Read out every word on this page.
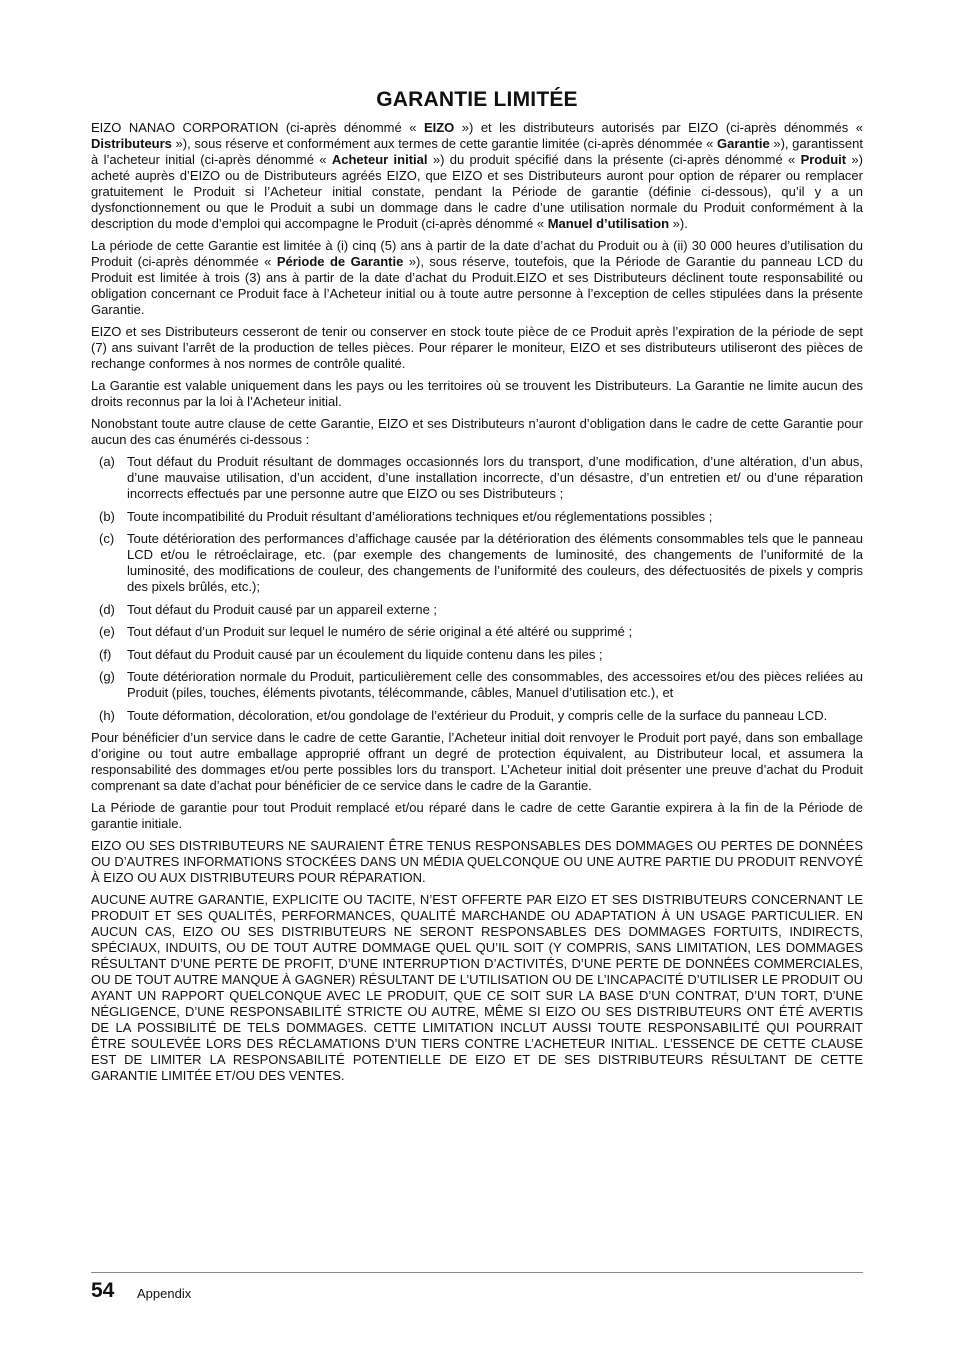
GARANTIE LIMITÉE

EIZO NANAO CORPORATION (ci-après dénommé « EIZO ») et les distributeurs autorisés par EIZO (ci-après dénommés « Distributeurs »), sous réserve et conformément aux termes de cette garantie limitée (ci-après dénommée « Garantie »), garantissent à l’acheteur initial (ci-après dénommé « Acheteur initial ») du produit spécifié dans la présente (ci-après dénommé « Produit ») acheté auprès d’EIZO ou de Distributeurs agréés EIZO, que EIZO et ses Distributeurs auront pour option de réparer ou remplacer gratuitement le Produit si l’Acheteur initial constate, pendant la Période de garantie (définie ci-dessous), qu’il y a un dysfonctionnement ou que le Produit a subi un dommage dans le cadre d’une utilisation normale du Produit conformément à la description du mode d’emploi qui accompagne le Produit (ci-après dénommé « Manuel d’utilisation »).

La période de cette Garantie est limitée à (i) cinq (5) ans à partir de la date d’achat du Produit ou à (ii) 30 000 heures d’utilisation du Produit (ci-après dénommée « Période de Garantie »), sous réserve, toutefois, que la Période de Garantie du panneau LCD du Produit est limitée à trois (3) ans à partir de la date d’achat du Produit.EIZO et ses Distributeurs déclinent toute responsabilité ou obligation concernant ce Produit face à l’Acheteur initial ou à toute autre personne à l’exception de celles stipulées dans la présente Garantie.

EIZO et ses Distributeurs cesseront de tenir ou conserver en stock toute pièce de ce Produit après l’expiration de la période de sept (7) ans suivant l’arrêt de la production de telles pièces. Pour réparer le moniteur, EIZO et ses distributeurs utiliseront des pièces de rechange conformes à nos normes de contrôle qualité.

La Garantie est valable uniquement dans les pays ou les territoires où se trouvent les Distributeurs. La Garantie ne limite aucun des droits reconnus par la loi à l’Acheteur initial.

Nonobstant toute autre clause de cette Garantie, EIZO et ses Distributeurs n’auront d’obligation dans le cadre de cette Garantie pour aucun des cas énumérés ci-dessous :

(a) Tout défaut du Produit résultant de dommages occasionnés lors du transport, d’une modification, d’une altération, d’un abus, d’une mauvaise utilisation, d’un accident, d’une installation incorrecte, d’un désastre, d’un entretien et/ ou d’une réparation incorrects effectués par une personne autre que EIZO ou ses Distributeurs ;
(b) Toute incompatibilité du Produit résultant d’améliorations techniques et/ou réglementations possibles ;
(c) Toute détérioration des performances d’affichage causée par la détérioration des éléments consommables tels que le panneau LCD et/ou le rétroéclairage, etc. (par exemple des changements de luminosité, des changements de l’uniformité de la luminosité, des modifications de couleur, des changements de l’uniformité des couleurs, des défectuosités de pixels y compris des pixels brûlés, etc.);
(d) Tout défaut du Produit causé par un appareil externe ;
(e) Tout défaut d’un Produit sur lequel le numéro de série original a été altéré ou supprimé ;
(f)	Tout défaut du Produit causé par un écoulement du liquide contenu dans les piles ;
(g) Toute détérioration normale du Produit, particulièrement celle des consommables, des accessoires et/ou des pièces reliées au Produit (piles, touches, éléments pivotants, télécommande, câbles, Manuel d’utilisation etc.), et
(h) Toute déformation, décoloration, et/ou gondolage de l’extérieur du Produit, y compris celle de la surface du panneau LCD.

Pour bénéficier d’un service dans le cadre de cette Garantie, l’Acheteur initial doit renvoyer le Produit port payé, dans son emballage d’origine ou tout autre emballage approprié offrant un degré de protection équivalent, au Distributeur local, et assumera la responsabilité des dommages et/ou perte possibles lors du transport. L’Acheteur initial doit présenter une preuve d’achat du Produit comprenant sa date d’achat pour bénéficier de ce service dans le cadre de la Garantie.

La Période de garantie pour tout Produit remplacé et/ou réparé dans le cadre de cette Garantie expirera à la fin de la Période de garantie initiale.

EIZO OU SES DISTRIBUTEURS NE SAURAIENT ÊTRE TENUS RESPONSABLES DES DOMMAGES OU PERTES DE DONNÉES OU D’AUTRES INFORMATIONS STOCKÉES DANS UN MÉDIA QUELCONQUE OU UNE AUTRE PARTIE DU PRODUIT RENVOYÉ À EIZO OU AUX DISTRIBUTEURS POUR RÉPARATION.

AUCUNE AUTRE GARANTIE, EXPLICITE OU TACITE, N’EST OFFERTE PAR EIZO ET SES DISTRIBUTEURS CONCERNANT LE PRODUIT ET SES QUALITÉS, PERFORMANCES, QUALITÉ MARCHANDE OU ADAPTATION À UN USAGE PARTICULIER. EN AUCUN CAS, EIZO OU SES DISTRIBUTEURS NE SERONT RESPONSABLES DES DOMMAGES FORTUITS, INDIRECTS, SPÉCIAUX, INDUITS, OU DE TOUT AUTRE DOMMAGE QUEL QU’IL SOIT (Y COMPRIS, SANS LIMITATION, LES DOMMAGES RÉSULTANT D’UNE PERTE DE PROFIT, D’UNE INTERRUPTION D’ACTIVITÉS, D’UNE PERTE DE DONNÉES COMMERCIALES, OU DE TOUT AUTRE MANQUE À GAGNER) RÉSULTANT DE L’UTILISATION OU DE L’INCAPACITÉ D’UTILISER LE PRODUIT OU AYANT UN RAPPORT QUELCONQUE AVEC LE PRODUIT, QUE CE SOIT SUR LA BASE D’UN CONTRAT, D’UN TORT, D’UNE NÉGLIGENCE, D’UNE RESPONSABILITÉ STRICTE OU AUTRE, MÊME SI EIZO OU SES DISTRIBUTEURS ONT ÉTÉ AVERTIS DE LA POSSIBILITÉ DE TELS DOMMAGES. CETTE LIMITATION INCLUT AUSSI TOUTE RESPONSABILITÉ QUI POURRAIT ÊTRE SOULEVÉE LORS DES RÉCLAMATIONS D’UN TIERS CONTRE L’ACHETEUR INITIAL. L’ESSENCE DE CETTE CLAUSE EST DE LIMITER LA RESPONSABILITÉ POTENTIELLE DE EIZO ET DE SES DISTRIBUTEURS RÉSULTANT DE CETTE GARANTIE LIMITÉE ET/OU DES VENTES.

54 Appendix
